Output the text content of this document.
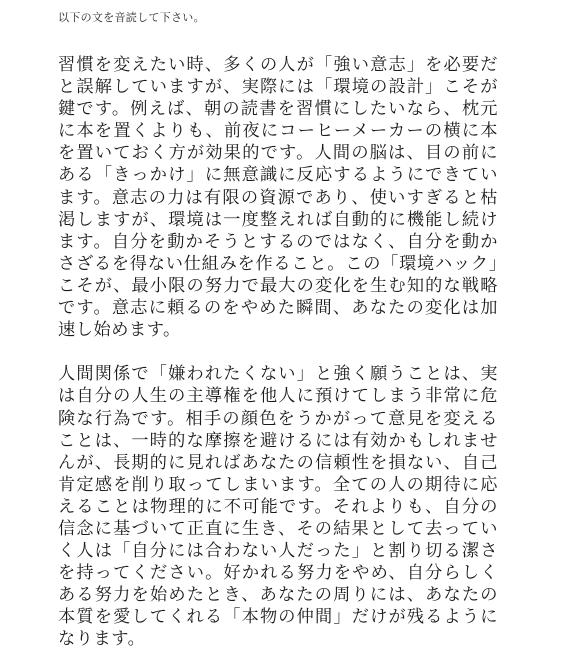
以下の文を音読して下さい。

習慣を変えたい時、多くの人が「強い意志」を必要だと誤解していますが、実際には「環境の設計」こそが鍵です。例えば、朝の読書を習慣にしたいなら、枕元に本を置くよりも、前夜にコーヒーメーカーの横に本を置いておく方が効果的です。人間の脳は、目の前にある「きっかけ」に無意識に反応するようにできています。意志の力は有限の資源であり、使いすぎると枯渇しますが、環境は一度整えれば自動的に機能し続けます。自分を動かそうとするのではなく、自分を動かさざるを得ない仕組みを作ること。この「環境ハック」こそが、最小限の努力で最大の変化を生む知的な戦略です。意志に頼るのをやめた瞬間、あなたの変化は加速し始めます。

人間関係で「嫌われたくない」と強く願うことは、実は自分の人生の主導権を他人に預けてしまう非常に危険な行為です。相手の顔色をうかがって意見を変えることは、一時的な摩擦を避けるには有効かもしれませんが、長期的に見ればあなたの信頼性を損ない、自己肯定感を削り取ってしまいます。全ての人の期待に応えることは物理的に不可能です。それよりも、自分の信念に基づいて正直に生き、その結果として去っていく人は「自分には合わない人だった」と割り切る潔さを持ってください。好かれる努力をやめ、自分らしくある努力を始めたとき、あなたの周りには、あなたの本質を愛してくれる「本物の仲間」だけが残るようになります。
